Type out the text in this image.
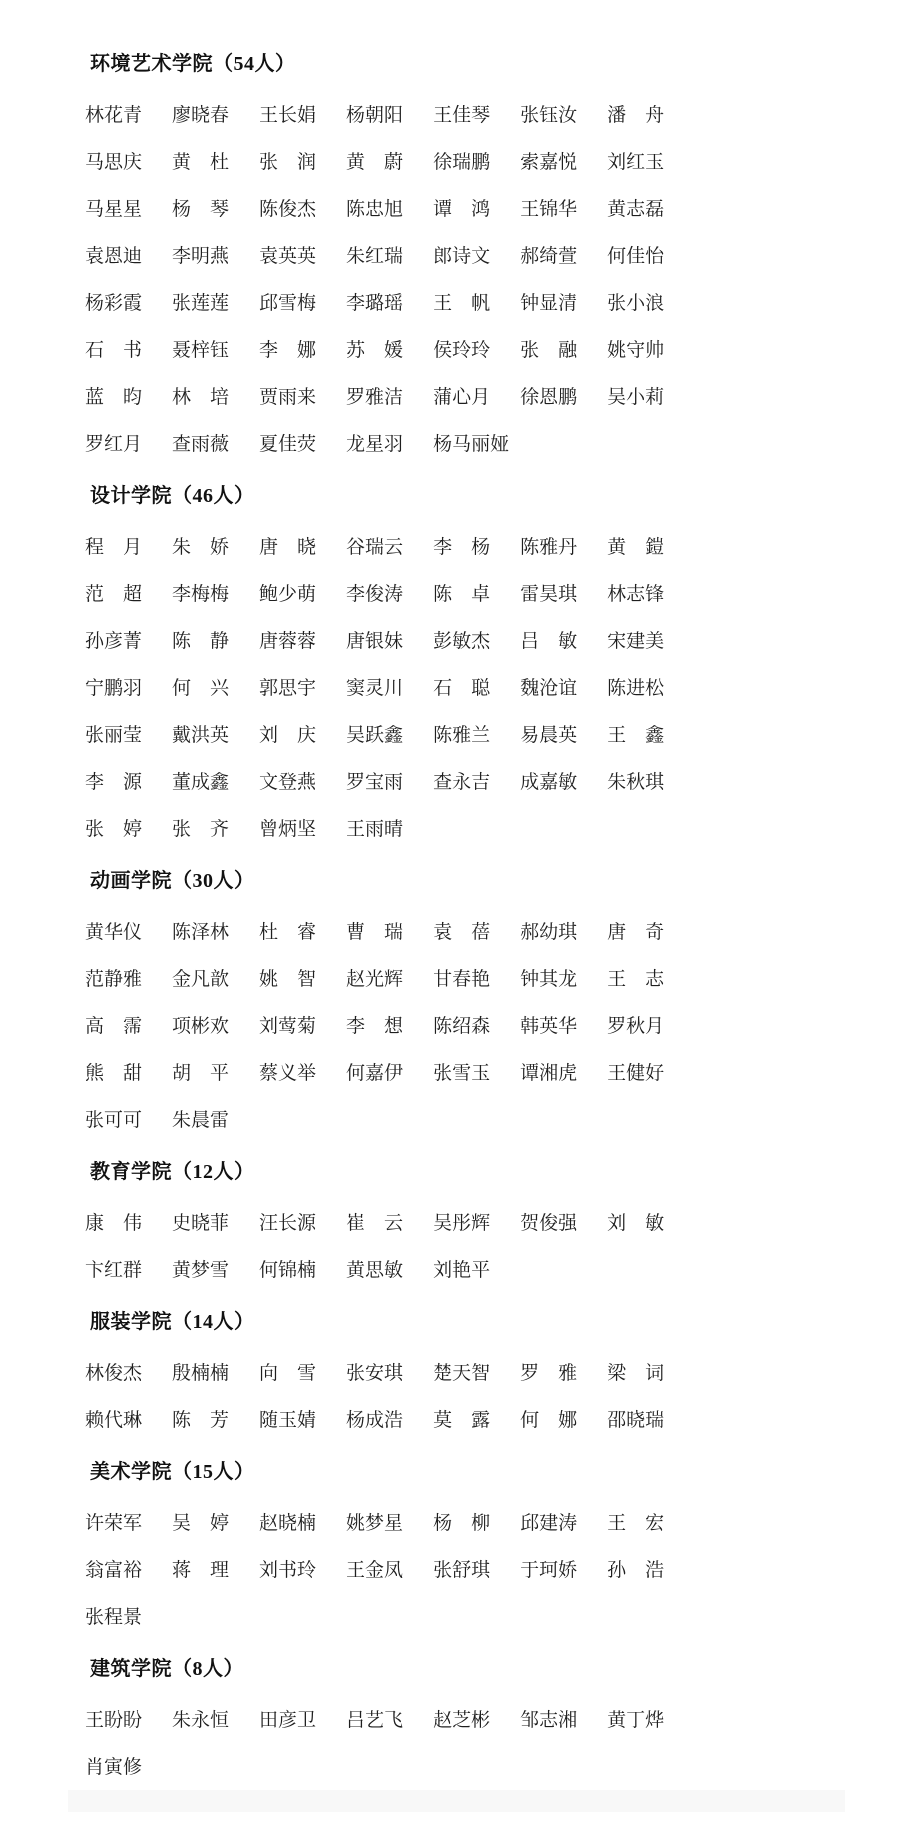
环境艺术学院（54人）
林花青 廖晓春 王长娟 杨朝阳 王佳琴 张钰汝 潘　舟
马思庆 黄　杜 张　润 黄　蔚 徐瑞鹏 索嘉悦 刘红玉
马星星 杨　琴 陈俊杰 陈忠旭 谭　鸿 王锦华 黄志磊
袁恩迪 李明燕 袁英英 朱红瑞 郎诗文 郝绮萱 何佳怡
杨彩霞 张莲莲 邱雪梅 李璐瑶 王　帆 钟显清 张小浪
石　书 聂梓钰 李　娜 苏　媛 侯玲玲 张　融 姚守帅
蓝　昀 林　培 贾雨来 罗雅洁 蒲心月 徐恩鹏 吴小莉
罗红月 查雨薇 夏佳荧 龙星羽 杨马丽娅
设计学院（46人）
程　月 朱　娇 唐　晓 谷瑞云 李　杨 陈雅丹 黄　鎧
范　超 李梅梅 鲍少萌 李俊涛 陈　卓 雷昊琪 林志锋
孙彦菁 陈　静 唐蓉蓉 唐银妹 彭敏杰 吕　敏 宋建美
宁鹏羽 何　兴 郭思宇 窦灵川 石　聪 魏沧谊 陈进松
张丽莹 戴洪英 刘　庆 吴跃鑫 陈雅兰 易晨英 王　鑫
李　源 董成鑫 文登燕 罗宝雨 查永吉 成嘉敏 朱秋琪
张　婷 张　齐 曾炳坚 王雨晴
动画学院（30人）
黄华仪 陈泽林 杜　睿 曹　瑞 袁　蓓 郝幼琪 唐　奇
范静雅 金凡歆 姚　智 赵光辉 甘春艳 钟其龙 王　志
高　霈 项彬欢 刘莺菊 李　想 陈绍森 韩英华 罗秋月
熊　甜 胡　平 蔡义举 何嘉伊 张雪玉 谭湘虎 王健好
张可可 朱晨雷
教育学院（12人）
康　伟 史晓菲 汪长源 崔　云 吴彤辉 贺俊强 刘　敏
卞红群 黄梦雪 何锦楠 黄思敏 刘艳平
服装学院（14人）
林俊杰 殷楠楠 向　雪 张安琪 楚天智 罗　雅 梁　词
赖代琳 陈　芳 随玉婧 杨成浩 莫　露 何　娜 邵晓瑞
美术学院（15人）
许荣军 吴　婷 赵晓楠 姚梦星 杨　柳 邱建涛 王　宏
翁富裕 蒋　理 刘书玲 王金凤 张舒琪 于珂娇 孙　浩
张程景
建筑学院（8人）
王盼盼 朱永恒 田彦卫 吕艺飞 赵芝彬 邹志湘 黄丁烨
肖寅修
